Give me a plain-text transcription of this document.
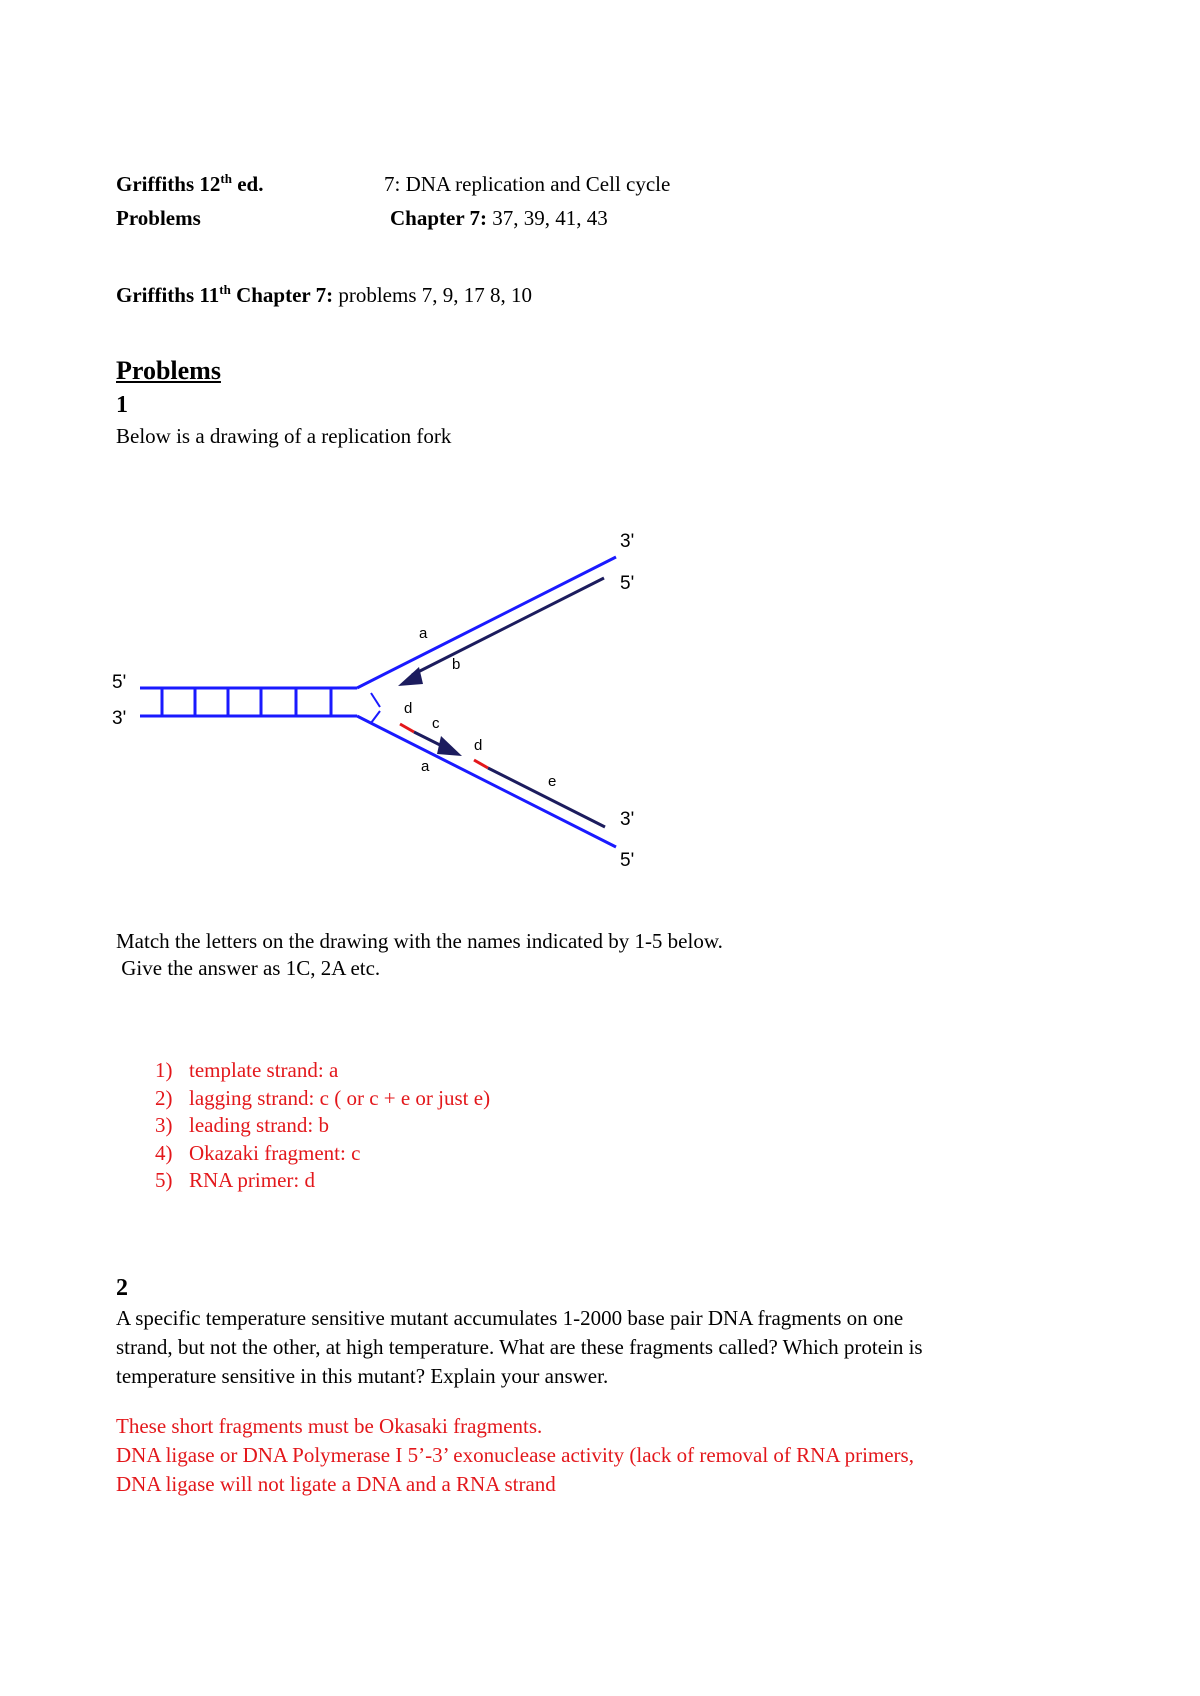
Griffiths 12th ed.	7: DNA replication and Cell cycle
Problems	Chapter 7: 37, 39, 41, 43
Griffiths 11th Chapter 7: problems 7, 9, 17 8, 10
Problems
1
Below is a drawing of a replication fork
5'
3'
3'
5'
3'
5'
a
b
d
c
d
a
e
Match the letters on the drawing with the names indicated by 1-5 below.
Give the answer as 1C, 2A etc.
1) template strand: a
2) lagging strand: c ( or c + e or just e)
3) leading strand: b
4) Okazaki fragment: c
5) RNA primer: d
2
A specific temperature sensitive mutant accumulates 1-2000 base pair DNA fragments on one
strand, but not the other, at high temperature. What are these fragments called? Which protein is
temperature sensitive in this mutant? Explain your answer.
These short fragments must be Okasaki fragments.
DNA ligase or DNA Polymerase I 5’-3’ exonuclease activity (lack of removal of RNA primers,
DNA ligase will not ligate a DNA and a RNA strand
